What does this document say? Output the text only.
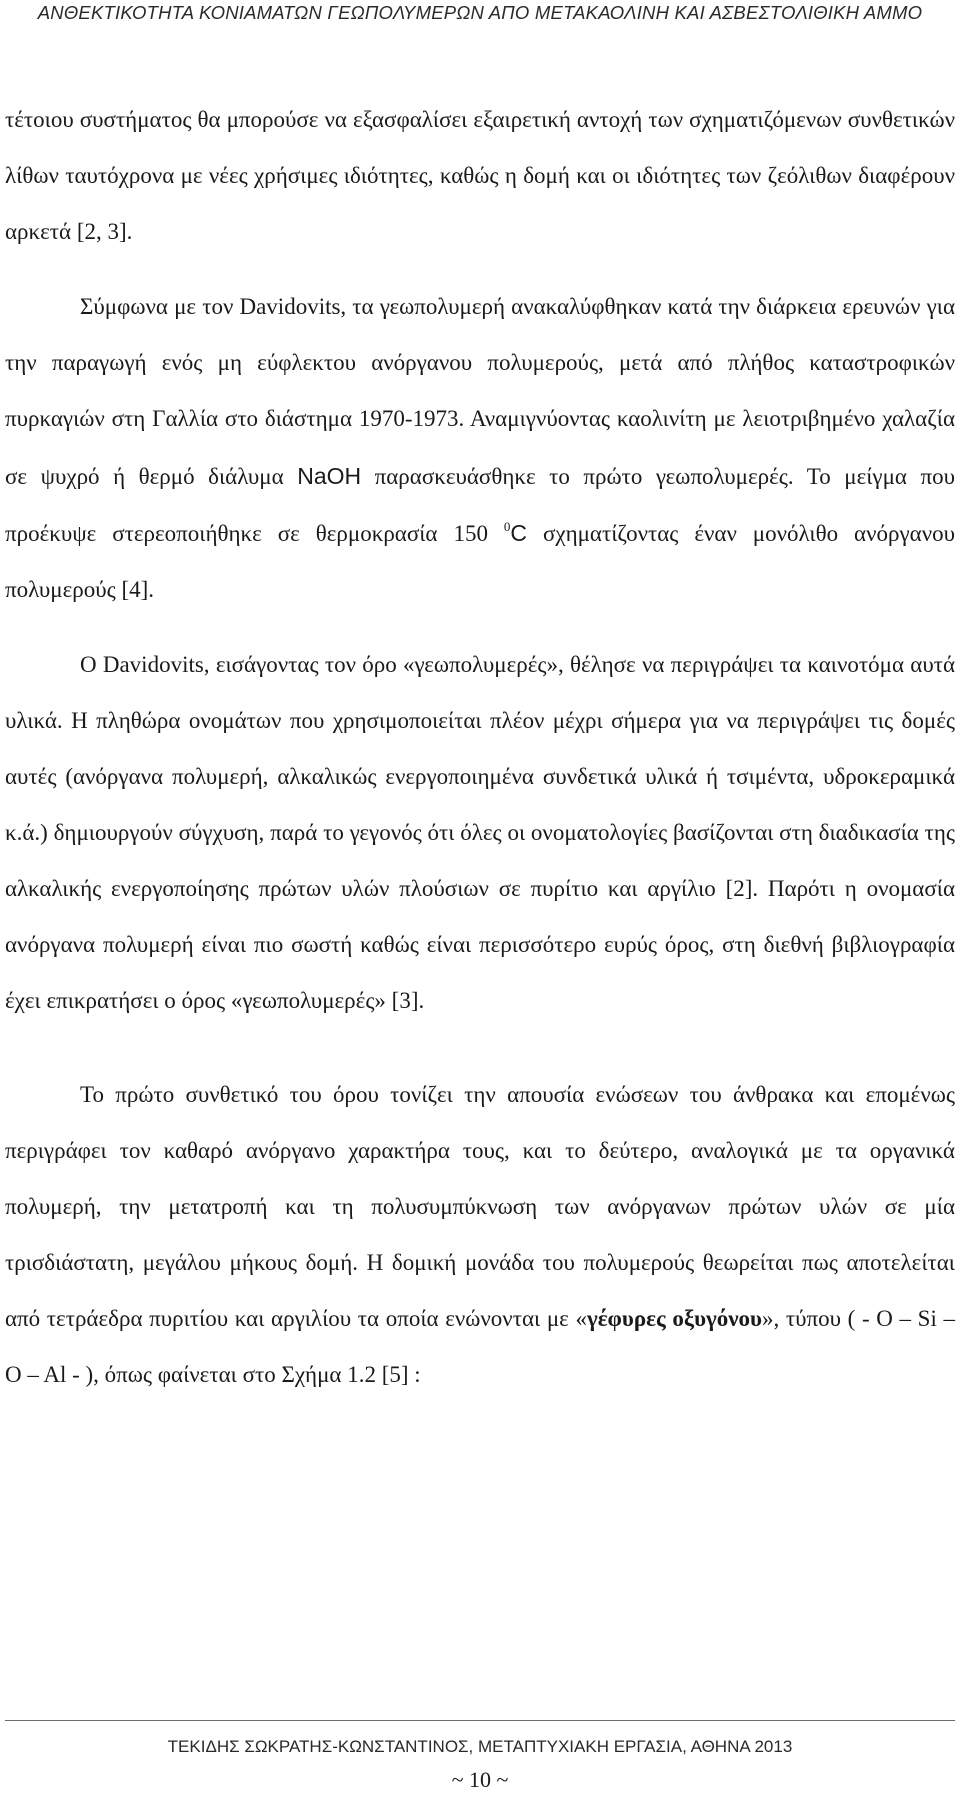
ΑΝΘΕΚΤΙΚΟΤΗΤΑ ΚΟΝΙΑΜΑΤΩΝ ΓΕΩΠΟΛΥΜΕΡΩΝ ΑΠΟ ΜΕΤΑΚΑΟΛΙΝΗ ΚΑΙ ΑΣΒΕΣΤΟΛΙΘΙΚΗ ΑΜΜΟ

τέτοιου συστήματος θα μπορούσε να εξασφαλίσει εξαιρετική αντοχή των σχηματιζόμενων συνθετικών λίθων ταυτόχρονα με νέες χρήσιμες ιδιότητες, καθώς η δομή και οι ιδιότητες των ζεόλιθων διαφέρουν αρκετά [2, 3].

Σύμφωνα με τον Davidovits, τα γεωπολυμερή ανακαλύφθηκαν κατά την διάρκεια ερευνών για την παραγωγή ενός μη εύφλεκτου ανόργανου πολυμερούς, μετά από πλήθος καταστροφικών πυρκαγιών στη Γαλλία στο διάστημα 1970-1973. Αναμιγνύοντας καολινίτη με λειοτριβημένο χαλαζία σε ψυχρό ή θερμό διάλυμα NaOH παρασκευάσθηκε το πρώτο γεωπολυμερές. Το μείγμα που προέκυψε στερεοποιήθηκε σε θερμοκρασία 150 $^0$C σχηματίζοντας έναν μονόλιθο ανόργανου πολυμερούς [4].

Ο Davidovits, εισάγοντας τον όρο «γεωπολυμερές», θέλησε να περιγράψει τα καινοτόμα αυτά υλικά. Η πληθώρα ονομάτων που χρησιμοποιείται πλέον μέχρι σήμερα για να περιγράψει τις δομές αυτές (ανόργανα πολυμερή, αλκαλικώς ενεργοποιημένα συνδετικά υλικά ή τσιμέντα, υδροκεραμικά κ.ά.) δημιουργούν σύγχυση, παρά το γεγονός ότι όλες οι ονοματολογίες βασίζονται στη διαδικασία της αλκαλικής ενεργοποίησης πρώτων υλών πλούσιων σε πυρίτιο και αργίλιο [2]. Παρότι η ονομασία ανόργανα πολυμερή είναι πιο σωστή καθώς είναι περισσότερο ευρύς όρος, στη διεθνή βιβλιογραφία έχει επικρατήσει ο όρος «γεωπολυμερές» [3].

Το πρώτο συνθετικό του όρου τονίζει την απουσία ενώσεων του άνθρακα και επομένως περιγράφει τον καθαρό ανόργανο χαρακτήρα τους, και το δεύτερο, αναλογικά με τα οργανικά πολυμερή, την μετατροπή και τη πολυσυμπύκνωση των ανόργανων πρώτων υλών σε μία τρισδιάστατη, μεγάλου μήκους δομή. Η δομική μονάδα του πολυμερούς θεωρείται πως αποτελείται από τετράεδρα πυριτίου και αργιλίου τα οποία ενώνονται με «γέφυρες οξυγόνου», τύπου ( - O – Si – O – Al - ), όπως φαίνεται στο Σχήμα 1.2 [5] :

ΤΕΚΙΔΗΣ ΣΩΚΡΑΤΗΣ-ΚΩΝΣΤΑΝΤΙΝΟΣ, ΜΕΤΑΠΤΥΧΙΑΚΗ ΕΡΓΑΣΙΑ, ΑΘΗΝΑ 2013
~ 10 ~
